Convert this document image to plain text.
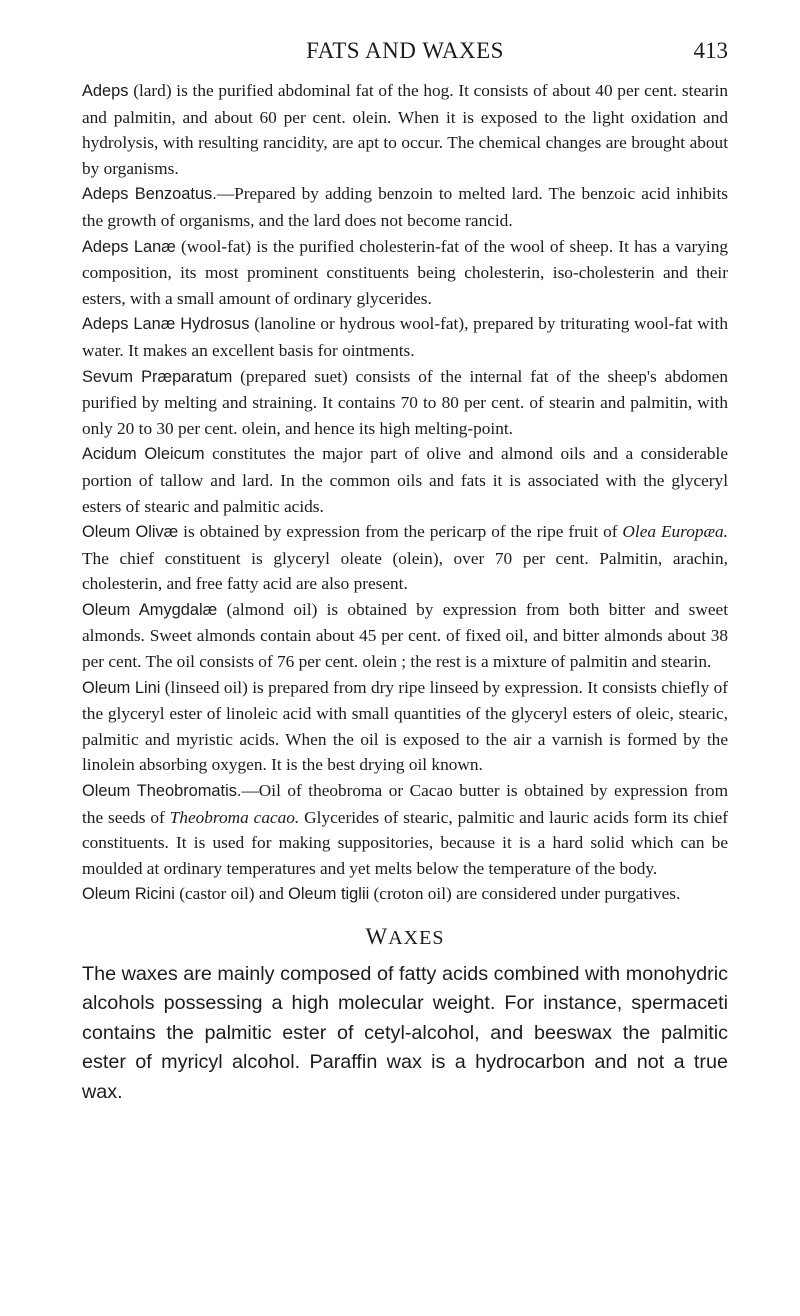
FATS AND WAXES	413

Adeps (lard) is the purified abdominal fat of the hog. It consists of about 40 per cent. stearin and palmitin, and about 60 per cent. olein. When it is exposed to the light oxidation and hydrolysis, with resulting rancidity, are apt to occur. The chemical changes are brought about by organisms.

Adeps Benzoatus.—Prepared by adding benzoin to melted lard. The benzoic acid inhibits the growth of organisms, and the lard does not become rancid.

Adeps Lanæ (wool-fat) is the purified cholesterin-fat of the wool of sheep. It has a varying composition, its most prominent constituents being cholesterin, iso-cholesterin and their esters, with a small amount of ordinary glycerides.

Adeps Lanæ Hydrosus (lanoline or hydrous wool-fat), prepared by triturating wool-fat with water. It makes an excellent basis for ointments.

Sevum Præparatum (prepared suet) consists of the internal fat of the sheep's abdomen purified by melting and straining. It contains 70 to 80 per cent. of stearin and palmitin, with only 20 to 30 per cent. olein, and hence its high melting-point.

Acidum Oleicum constitutes the major part of olive and almond oils and a considerable portion of tallow and lard. In the common oils and fats it is associated with the glyceryl esters of stearic and palmitic acids.

Oleum Olivæ is obtained by expression from the pericarp of the ripe fruit of Olea Europæa. The chief constituent is glyceryl oleate (olein), over 70 per cent. Palmitin, arachin, cholesterin, and free fatty acid are also present.

Oleum Amygdalæ (almond oil) is obtained by expression from both bitter and sweet almonds. Sweet almonds contain about 45 per cent. of fixed oil, and bitter almonds about 38 per cent. The oil consists of 76 per cent. olein ; the rest is a mixture of palmitin and stearin.

Oleum Lini (linseed oil) is prepared from dry ripe linseed by expression. It consists chiefly of the glyceryl ester of linoleic acid with small quantities of the glyceryl esters of oleic, stearic, palmitic and myristic acids. When the oil is exposed to the air a varnish is formed by the linolein absorbing oxygen. It is the best drying oil known.

Oleum Theobromatis.—Oil of theobroma or Cacao butter is obtained by expression from the seeds of Theobroma cacao. Glycerides of stearic, palmitic and lauric acids form its chief constituents. It is used for making suppositories, because it is a hard solid which can be moulded at ordinary temperatures and yet melts below the temperature of the body.

Oleum Ricini (castor oil) and Oleum tiglii (croton oil) are considered under purgatives.

WAXES

The waxes are mainly composed of fatty acids combined with monohydric alcohols possessing a high molecular weight. For instance, spermaceti contains the palmitic ester of cetyl-alcohol, and beeswax the palmitic ester of myricyl alcohol. Paraffin wax is a hydrocarbon and not a true wax.
